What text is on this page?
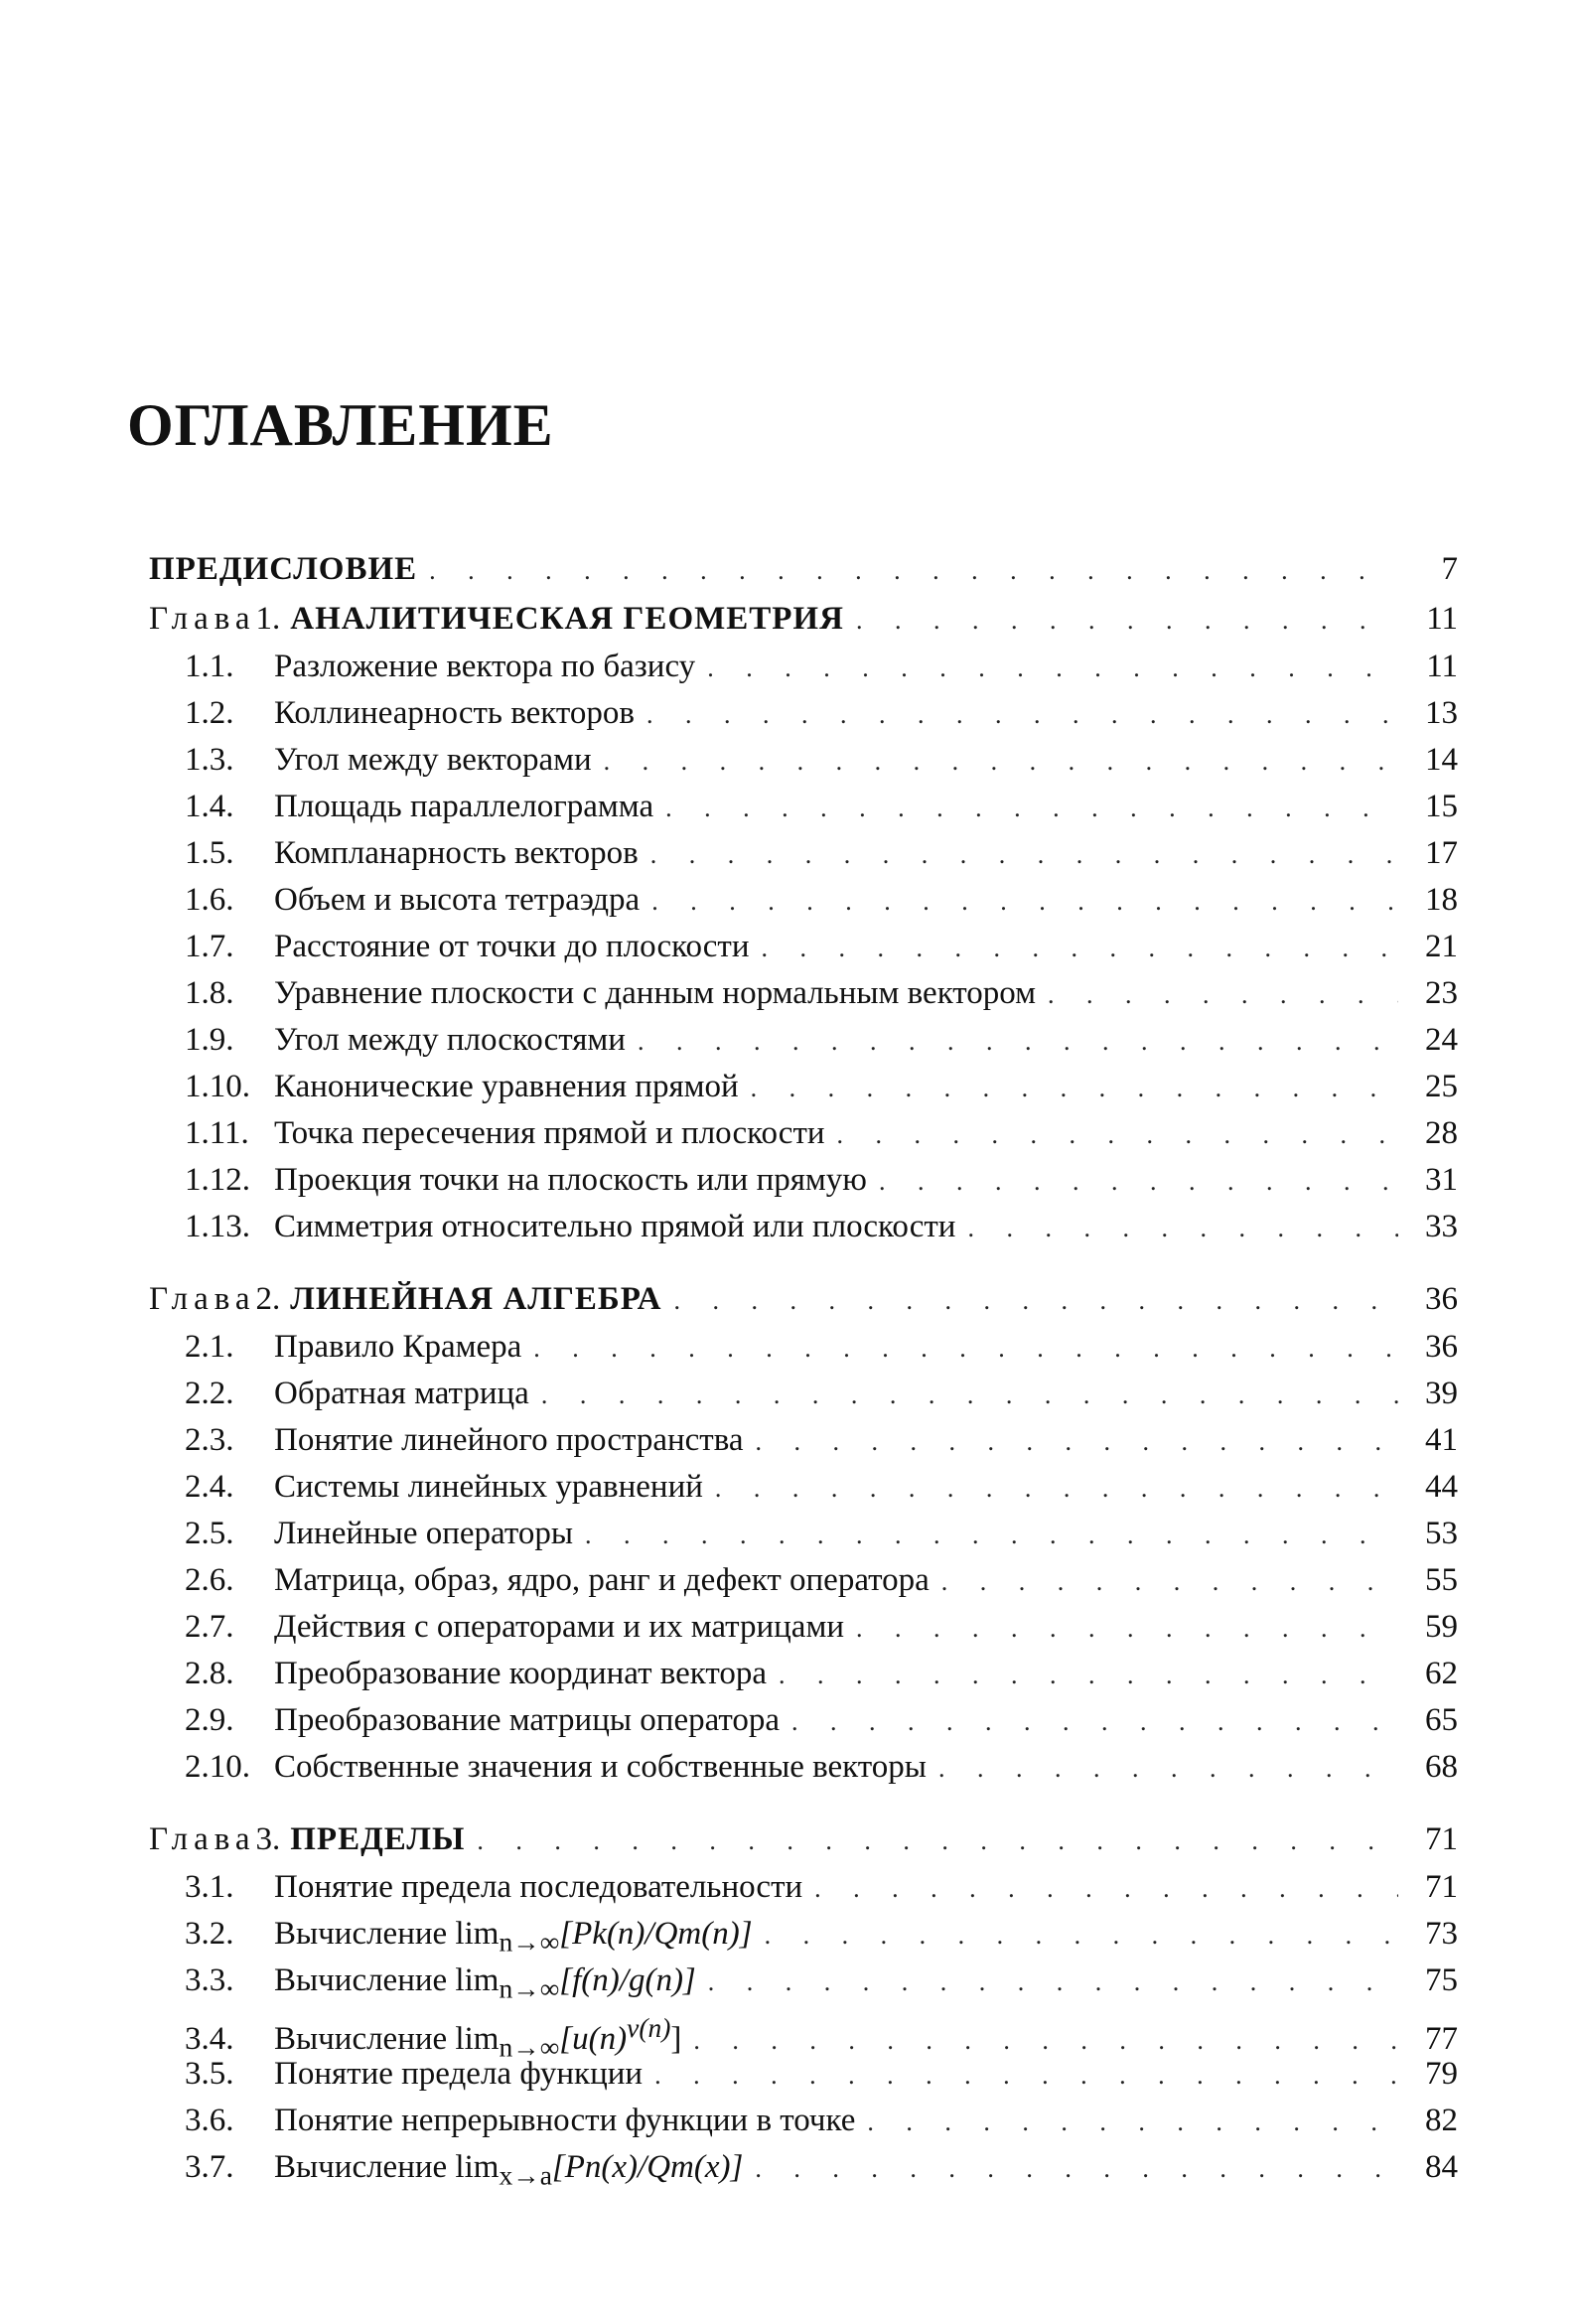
ОГЛАВЛЕНИЕ
ПРЕДИСЛОВИЕ . . .	7
Глава 1. АНАЛИТИЧЕСКАЯ ГЕОМЕТРИЯ . . .	11
1.1.	Разложение вектора по базису . . .	11
1.2.	Коллинеарность векторов . . .	13
1.3.	Угол между векторами . . .	14
1.4.	Площадь параллелограмма . . .	15
1.5.	Компланарность векторов . . .	17
1.6.	Объем и высота тетраэдра . . .	18
1.7.	Расстояние от точки до плоскости . . .	21
1.8.	Уравнение плоскости с данным нормальным вектором . . .	23
1.9.	Угол между плоскостями . . .	24
1.10. Канонические уравнения прямой . . .	25
1.11. Точка пересечения прямой и плоскости . . .	28
1.12. Проекция точки на плоскость или прямую . . .	31
1.13. Симметрия относительно прямой или плоскости . . .	33
Глава 2. ЛИНЕЙНАЯ АЛГЕБРА . . .	36
2.1.	Правило Крамера . . .	36
2.2.	Обратная матрица . . .	39
2.3.	Понятие линейного пространства . . .	41
2.4.	Системы линейных уравнений . . .	44
2.5.	Линейные операторы . . .	53
2.6.	Матрица, образ, ядро, ранг и дефект оператора . . .	55
2.7.	Действия с операторами и их матрицами . . .	59
2.8.	Преобразование координат вектора . . .	62
2.9.	Преобразование матрицы оператора . . .	65
2.10. Собственные значения и собственные векторы . . .	68
Глава 3. ПРЕДЕЛЫ . . .	71
3.1.	Понятие предела последовательности . . .	71
3.2.	Вычисление $\lim_{n\to\infty}[Pk(n)/Qm(n)]$ . . .	73
3.3.	Вычисление $\lim_{n\to\infty}[f(n)/g(n)]$ . . .	75
3.4.	Вычисление $\lim_{n\to\infty}[u(n)^{v(n)}]$ . . .	77
3.5.	Понятие предела функции . . .	79
3.6.	Понятие непрерывности функции в точке . . .	82
3.7.	Вычисление $\lim_{x\to a}[Pn(x)/Qm(x)]$ . . .	84
